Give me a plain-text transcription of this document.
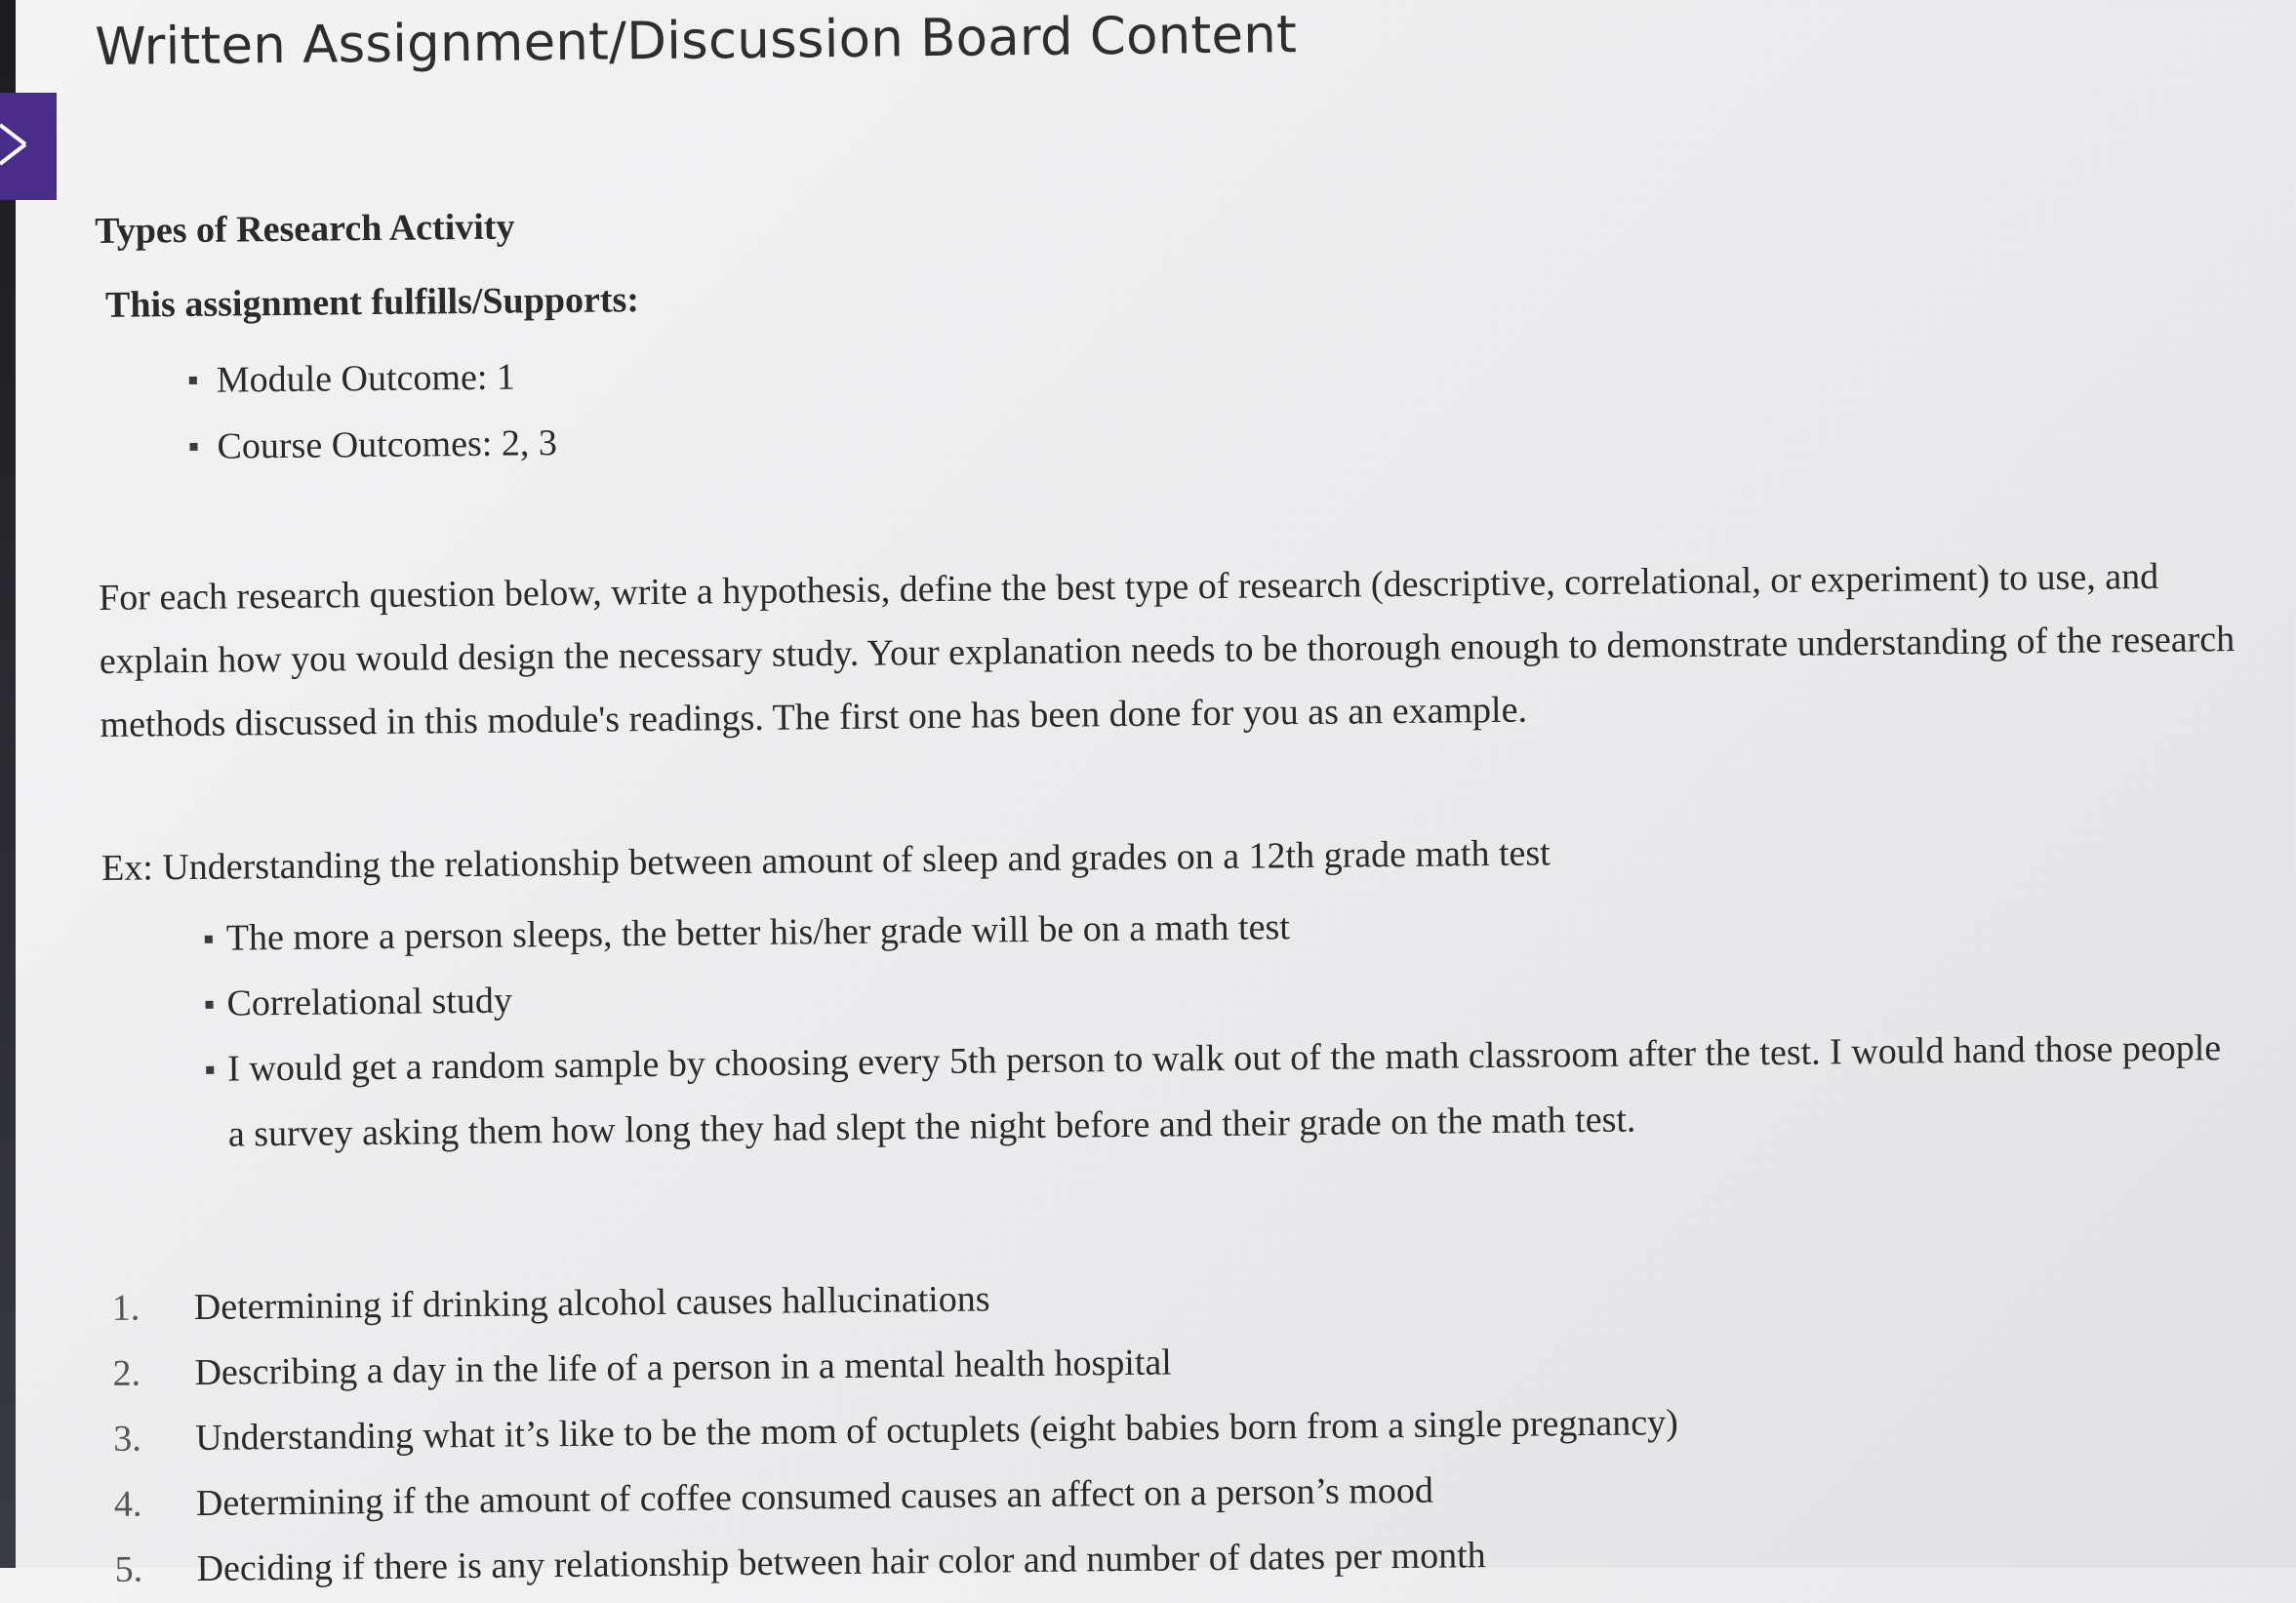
Written Assignment/Discussion Board Content

Types of Research Activity

This assignment fulfills/Supports:

Module Outcome: 1
Course Outcomes: 2, 3

For each research question below, write a hypothesis, define the best type of research (descriptive, correlational, or experiment) to use, and explain how you would design the necessary study. Your explanation needs to be thorough enough to demonstrate understanding of the research methods discussed in this module's readings. The first one has been done for you as an example.

Ex: Understanding the relationship between amount of sleep and grades on a 12th grade math test

The more a person sleeps, the better his/her grade will be on a math test
Correlational study
I would get a random sample by choosing every 5th person to walk out of the math classroom after the test. I would hand those people a survey asking them how long they had slept the night before and their grade on the math test.
1.	Determining if drinking alcohol causes hallucinations
2.	Describing a day in the life of a person in a mental health hospital
3.	Understanding what it’s like to be the mom of octuplets (eight babies born from a single pregnancy)
4.	Determining if the amount of coffee consumed causes an affect on a person’s mood
5.	Deciding if there is any relationship between hair color and number of dates per month
